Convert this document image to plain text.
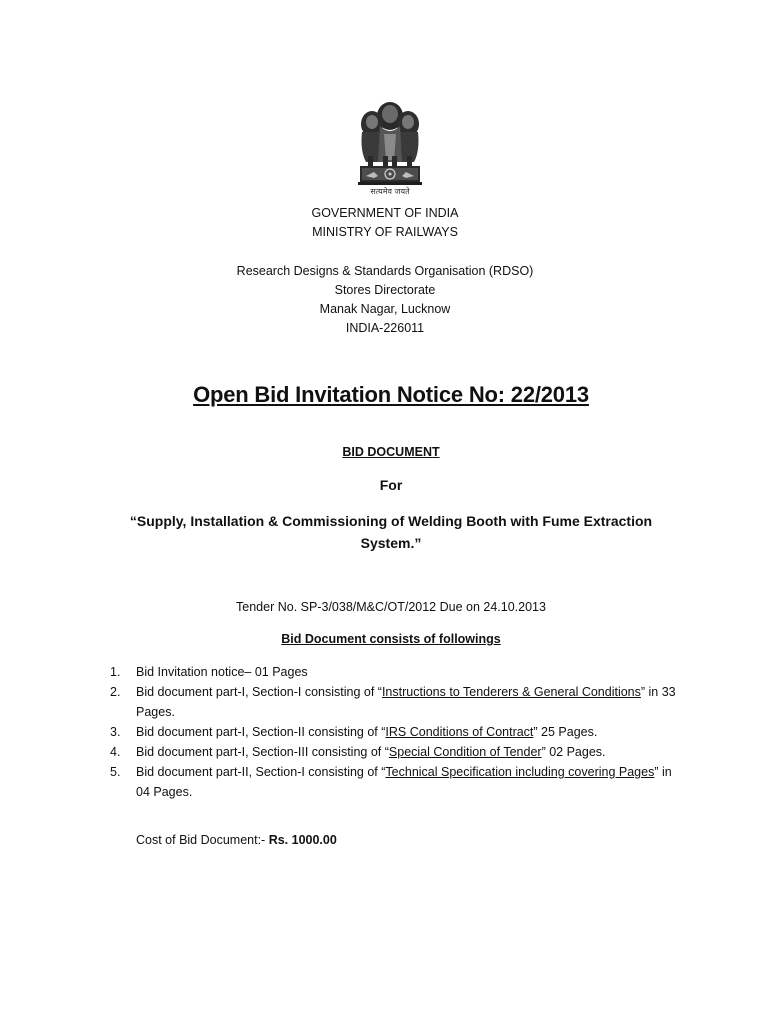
सत्यमेव जयते
GOVERNMENT OF INDIA
MINISTRY OF RAILWAYS
Research Designs & Standards Organisation (RDSO)
Stores Directorate
Manak Nagar, Lucknow
INDIA-226011
Open Bid Invitation Notice No: 22/2013
BID DOCUMENT
For
“Supply, Installation & Commissioning of Welding Booth with Fume Extraction
System.”
Tender No. SP-3/038/M&C/OT/2012 Due on 24.10.2013
Bid Document consists of followings
1.	Bid Invitation notice– 01 Pages
2.	Bid document part-I, Section-I consisting of “Instructions to Tenderers & General Conditions” in 33 Pages.
3.	Bid document part-I, Section-II consisting of “IRS Conditions of Contract” 25 Pages.
4.	Bid document part-I, Section-III consisting of “Special Condition of Tender” 02 Pages.
5.	Bid document part-II, Section-I consisting of “Technical Specification including covering Pages” in 04 Pages.
Cost of Bid Document:- Rs. 1000.00
